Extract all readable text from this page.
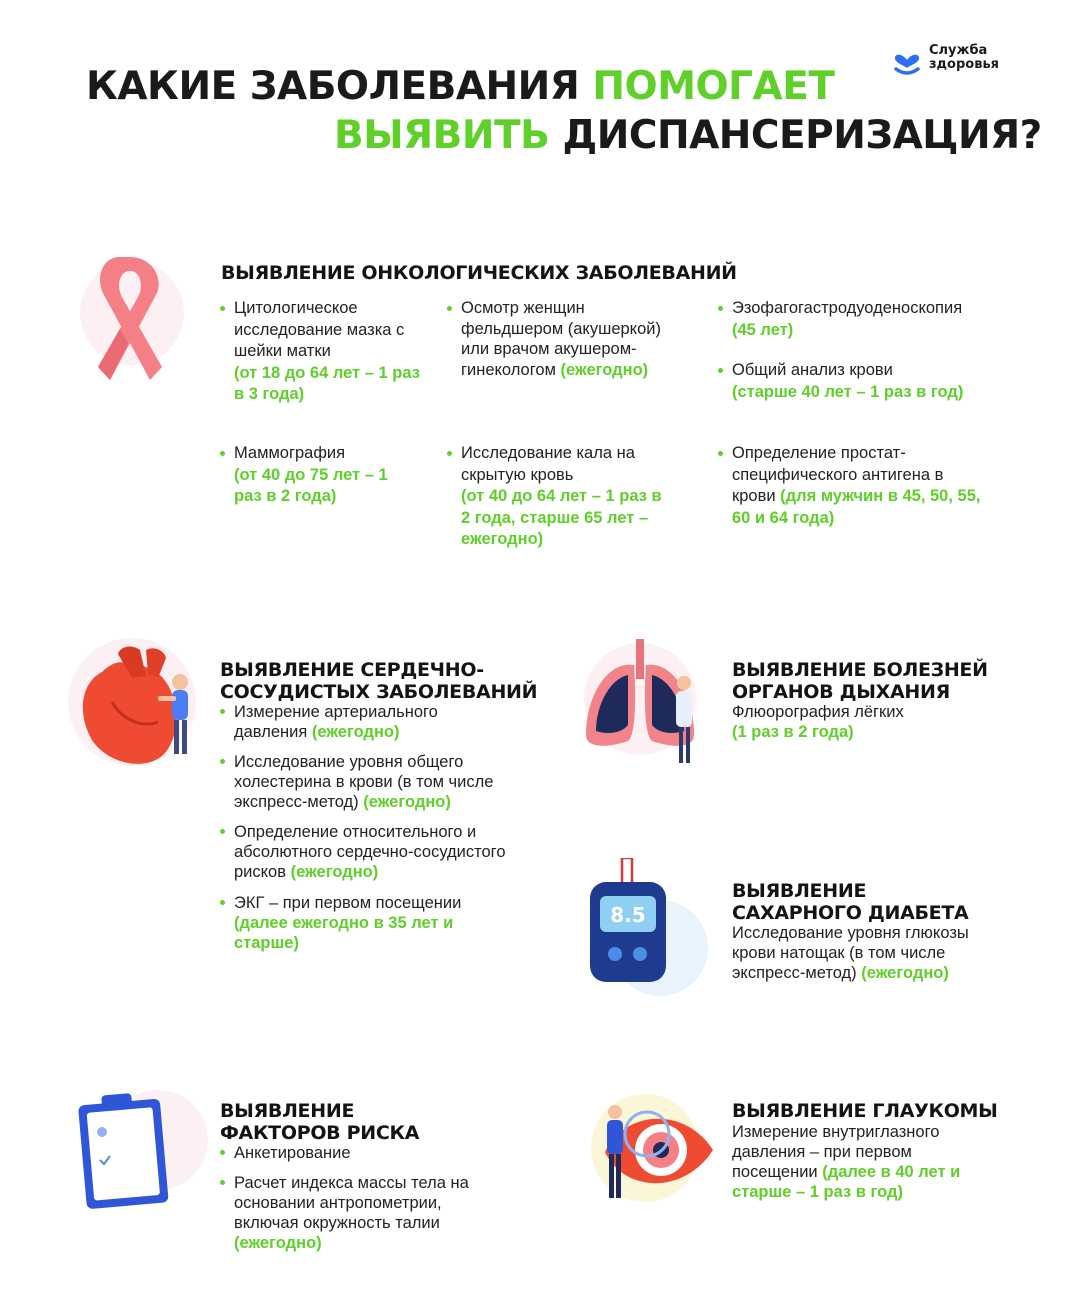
Служба
здоровья
КАКИЕ ЗАБОЛЕВАНИЯ ПОМОГАЕТ
ВЫЯВИТЬ ДИСПАНСЕРИЗАЦИЯ?
ВЫЯВЛЕНИЕ ОНКОЛОГИЧЕСКИХ ЗАБОЛЕВАНИЙ
Цитологическое исследование мазка с шейки матки
(от 18 до 64 лет – 1 раз в 3 года)
Осмотр женщин фельдшером (акушеркой) или врачом акушером-гинекологом (ежегодно)
Эзофагогастродуоденоскопия
(45 лет)
Общий анализ крови
(старше 40 лет – 1 раз в год)
Маммография
(от 40 до 75 лет – 1 раз в 2 года)
Исследование кала на скрытую кровь
(от 40 до 64 лет – 1 раз в 2 года, старше 65 лет – ежегодно)
Определение простат-специфического антигена в крови (для мужчин в 45, 50, 55, 60 и 64 года)
ВЫЯВЛЕНИЕ СЕРДЕЧНО-
СОСУДИСТЫХ ЗАБОЛЕВАНИЙ
Измерение артериального давления (ежегодно)
Исследование уровня общего холестерина в крови (в том числе экспресс-метод) (ежегодно)
Определение относительного и абсолютного сердечно-сосудистого рисков (ежегодно)
ЭКГ – при первом посещении
(далее ежегодно в 35 лет и старше)
ВЫЯВЛЕНИЕ БОЛЕЗНЕЙ
ОРГАНОВ ДЫХАНИЯ
Флюорография лёгких
(1 раз в 2 года)
8.5
ВЫЯВЛЕНИЕ
САХАРНОГО ДИАБЕТА
Исследование уровня глюкозы крови натощак (в том числе экспресс-метод) (ежегодно)
ВЫЯВЛЕНИЕ
ФАКТОРОВ РИСКА
Анкетирование
Расчет индекса массы тела на основании антропометрии, включая окружность талии
(ежегодно)
ВЫЯВЛЕНИЕ ГЛАУКОМЫ
Измерение внутриглазного давления – при первом посещении (далее в 40 лет и старше – 1 раз в год)
